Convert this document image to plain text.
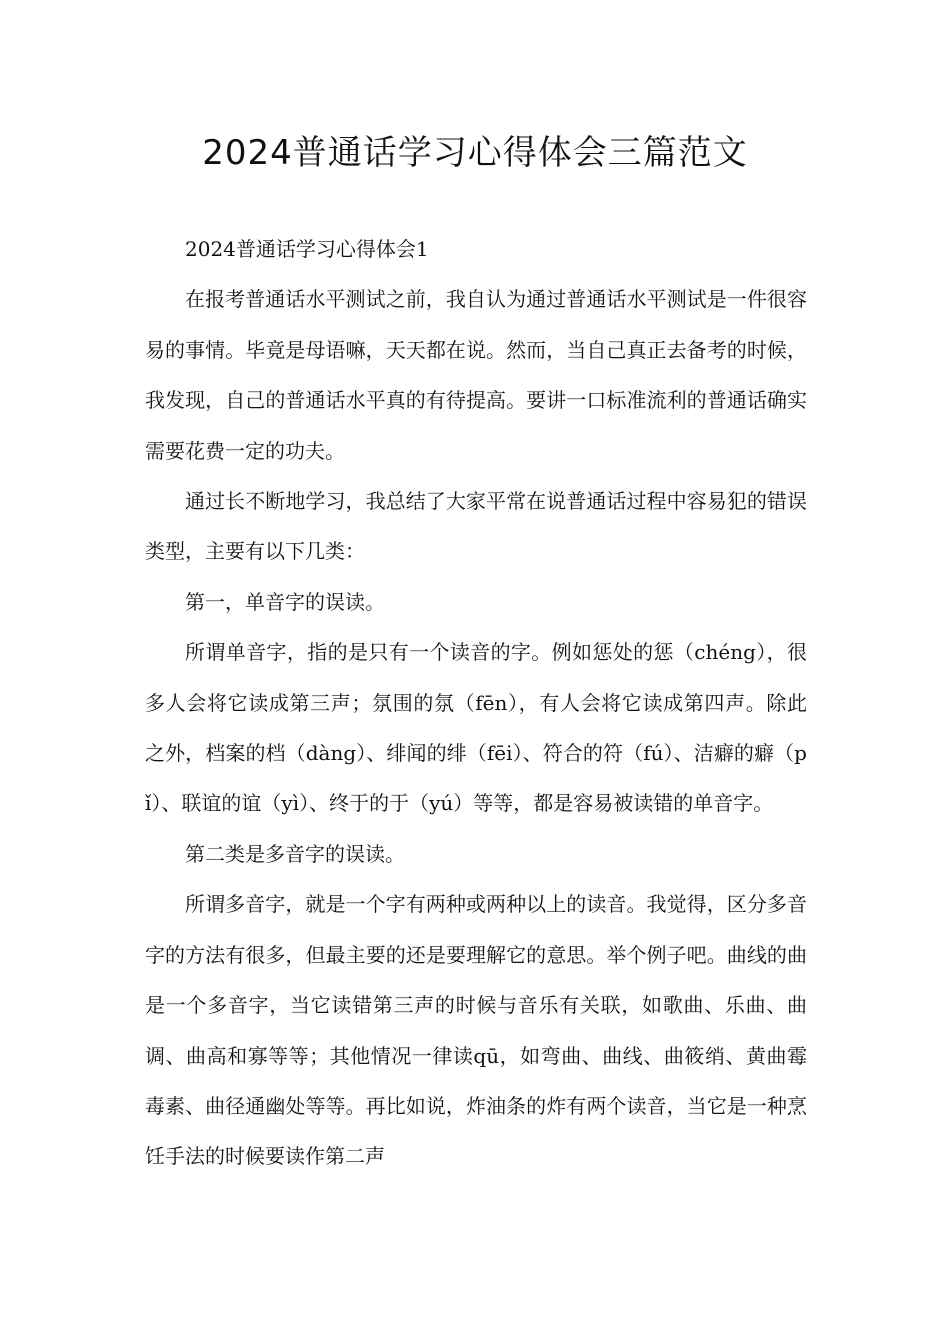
2024普通话学习心得体会三篇范文

2024普通话学习心得体会1

在报考普通话水平测试之前，我自认为通过普通话水平测试是一件很容易的事情。毕竟是母语嘛，天天都在说。然而，当自己真正去备考的时候，我发现，自己的普通话水平真的有待提高。要讲一口标准流利的普通话确实需要花费一定的功夫。

通过长不断地学习，我总结了大家平常在说普通话过程中容易犯的错误类型，主要有以下几类：

第一，单音字的误读。

所谓单音字，指的是只有一个读音的字。例如惩处的惩（chéng），很多人会将它读成第三声；氛围的氛（fēn），有人会将它读成第四声。除此之外，档案的档（dàng）、绯闻的绯（fēi）、符合的符（fú）、洁癖的癖（pǐ）、联谊的谊（yì）、终于的于（yú）等等，都是容易被读错的单音字。

第二类是多音字的误读。

所谓多音字，就是一个字有两种或两种以上的读音。我觉得，区分多音字的方法有很多，但最主要的还是要理解它的意思。举个例子吧。曲线的曲是一个多音字，当它读错第三声的时候与音乐有关联，如歌曲、乐曲、曲调、曲高和寡等等；其他情况一律读qū，如弯曲、曲线、曲筱绡、黄曲霉毒素、曲径通幽处等等。再比如说，炸油条的炸有两个读音，当它是一种烹饪手法的时候要读作第二声
